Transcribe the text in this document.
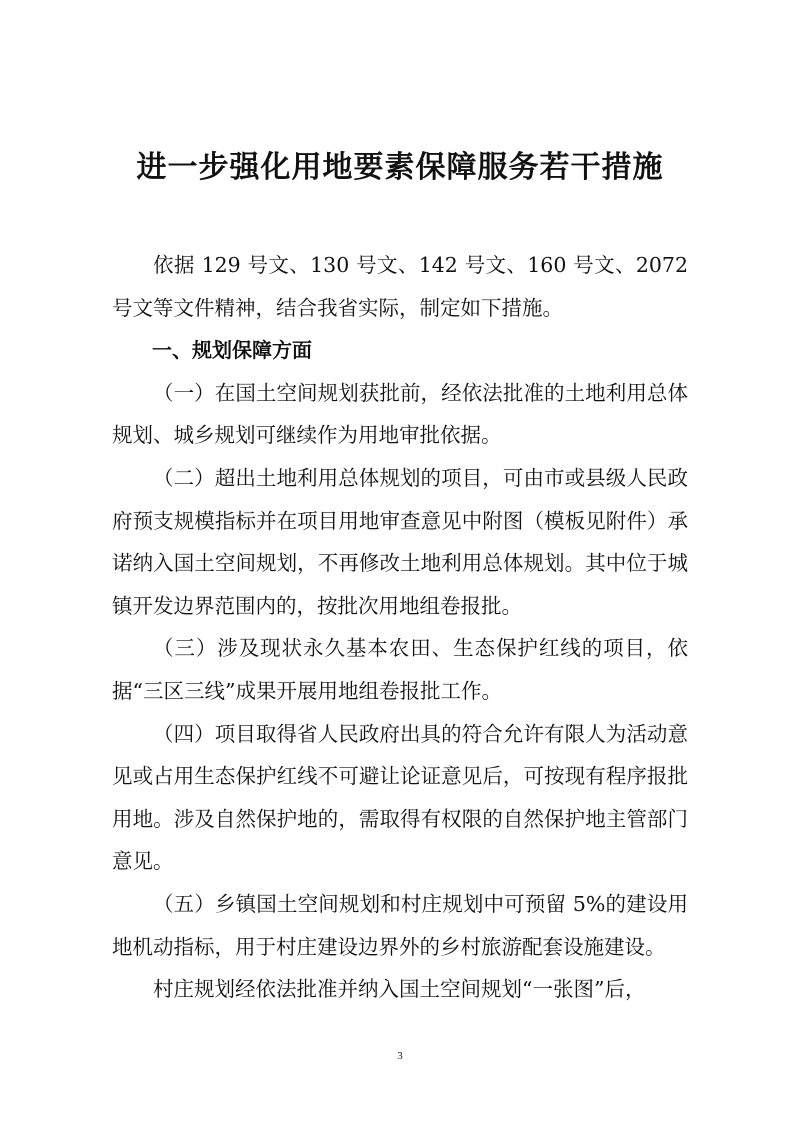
进一步强化用地要素保障服务若干措施

依据 129 号文、130 号文、142 号文、160 号文、2072 号文等文件精神，结合我省实际，制定如下措施。

一、规划保障方面

（一）在国土空间规划获批前，经依法批准的土地利用总体规划、城乡规划可继续作为用地审批依据。

（二）超出土地利用总体规划的项目，可由市或县级人民政府预支规模指标并在项目用地审查意见中附图（模板见附件）承诺纳入国土空间规划，不再修改土地利用总体规划。其中位于城镇开发边界范围内的，按批次用地组卷报批。

（三）涉及现状永久基本农田、生态保护红线的项目，依据“三区三线”成果开展用地组卷报批工作。

（四）项目取得省人民政府出具的符合允许有限人为活动意见或占用生态保护红线不可避让论证意见后，可按现有程序报批用地。涉及自然保护地的，需取得有权限的自然保护地主管部门意见。

（五）乡镇国土空间规划和村庄规划中可预留 5%的建设用地机动指标，用于村庄建设边界外的乡村旅游配套设施建设。

村庄规划经依法批准并纳入国土空间规划“一张图”后，

3
